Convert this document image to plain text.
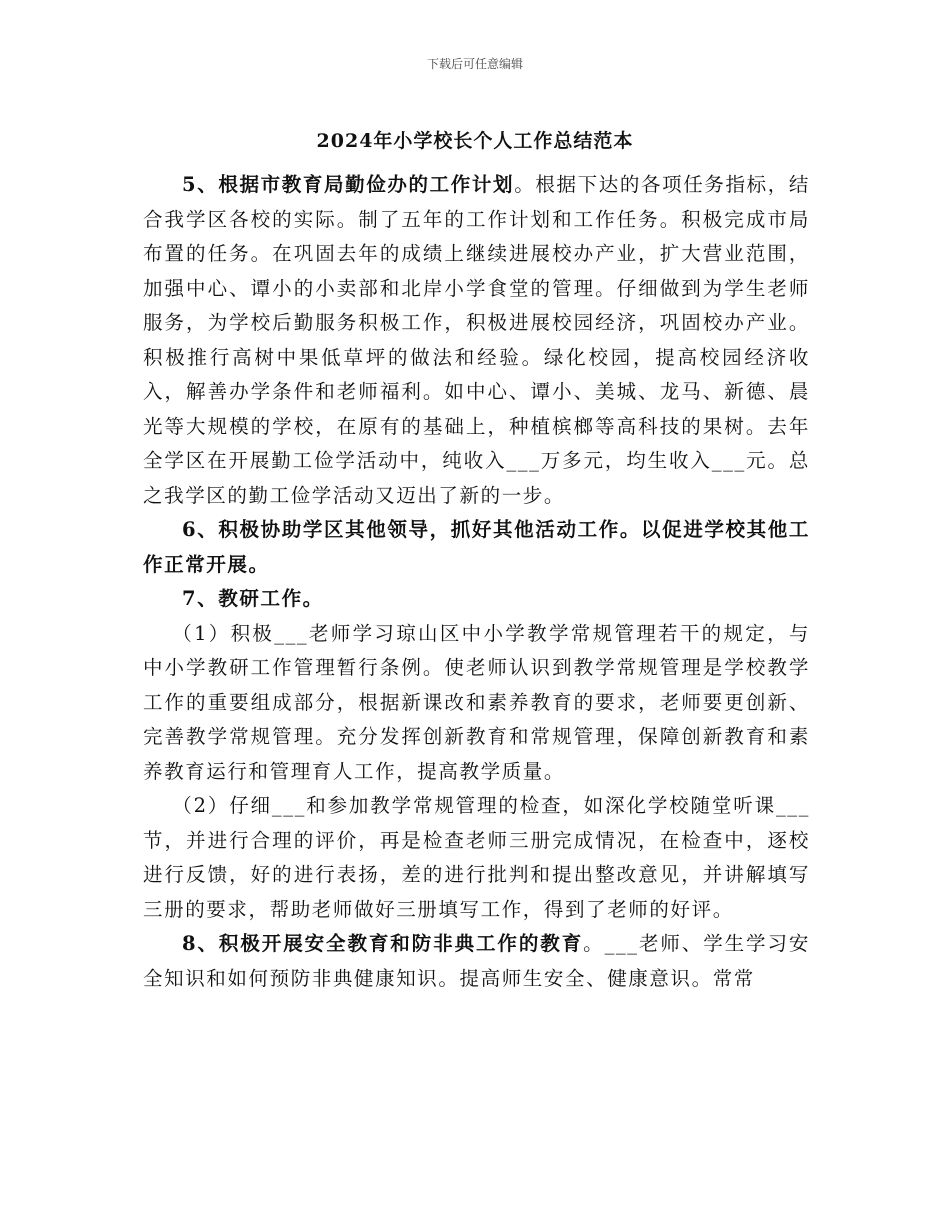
下载后可任意编辑
2024年小学校长个人工作总结范本

5、根据市教育局勤俭办的工作计划。根据下达的各项任务指标，结合我学区各校的实际。制了五年的工作计划和工作任务。积极完成市局布置的任务。在巩固去年的成绩上继续进展校办产业，扩大营业范围，加强中心、谭小的小卖部和北岸小学食堂的管理。仔细做到为学生老师服务，为学校后勤服务积极工作，积极进展校园经济，巩固校办产业。积极推行高树中果低草坪的做法和经验。绿化校园，提高校园经济收入，解善办学条件和老师福利。如中心、谭小、美城、龙马、新德、晨光等大规模的学校，在原有的基础上，种植槟榔等高科技的果树。去年全学区在开展勤工俭学活动中，纯收入___万多元，均生收入___元。总之我学区的勤工俭学活动又迈出了新的一步。

6、积极协助学区其他领导，抓好其他活动工作。以促进学校其他工作正常开展。

7、教研工作。

（1）积极___老师学习琼山区中小学教学常规管理若干的规定，与中小学教研工作管理暂行条例。使老师认识到教学常规管理是学校教学工作的重要组成部分，根据新课改和素养教育的要求，老师要更创新、完善教学常规管理。充分发挥创新教育和常规管理，保障创新教育和素养教育运行和管理育人工作，提高教学质量。

（2）仔细___和参加教学常规管理的检查，如深化学校随堂听课___节，并进行合理的评价，再是检查老师三册完成情况，在检查中，逐校进行反馈，好的进行表扬，差的进行批判和提出整改意见，并讲解填写三册的要求，帮助老师做好三册填写工作，得到了老师的好评。

8、积极开展安全教育和防非典工作的教育。___老师、学生学习安全知识和如何预防非典健康知识。提高师生安全、健康意识。常常
